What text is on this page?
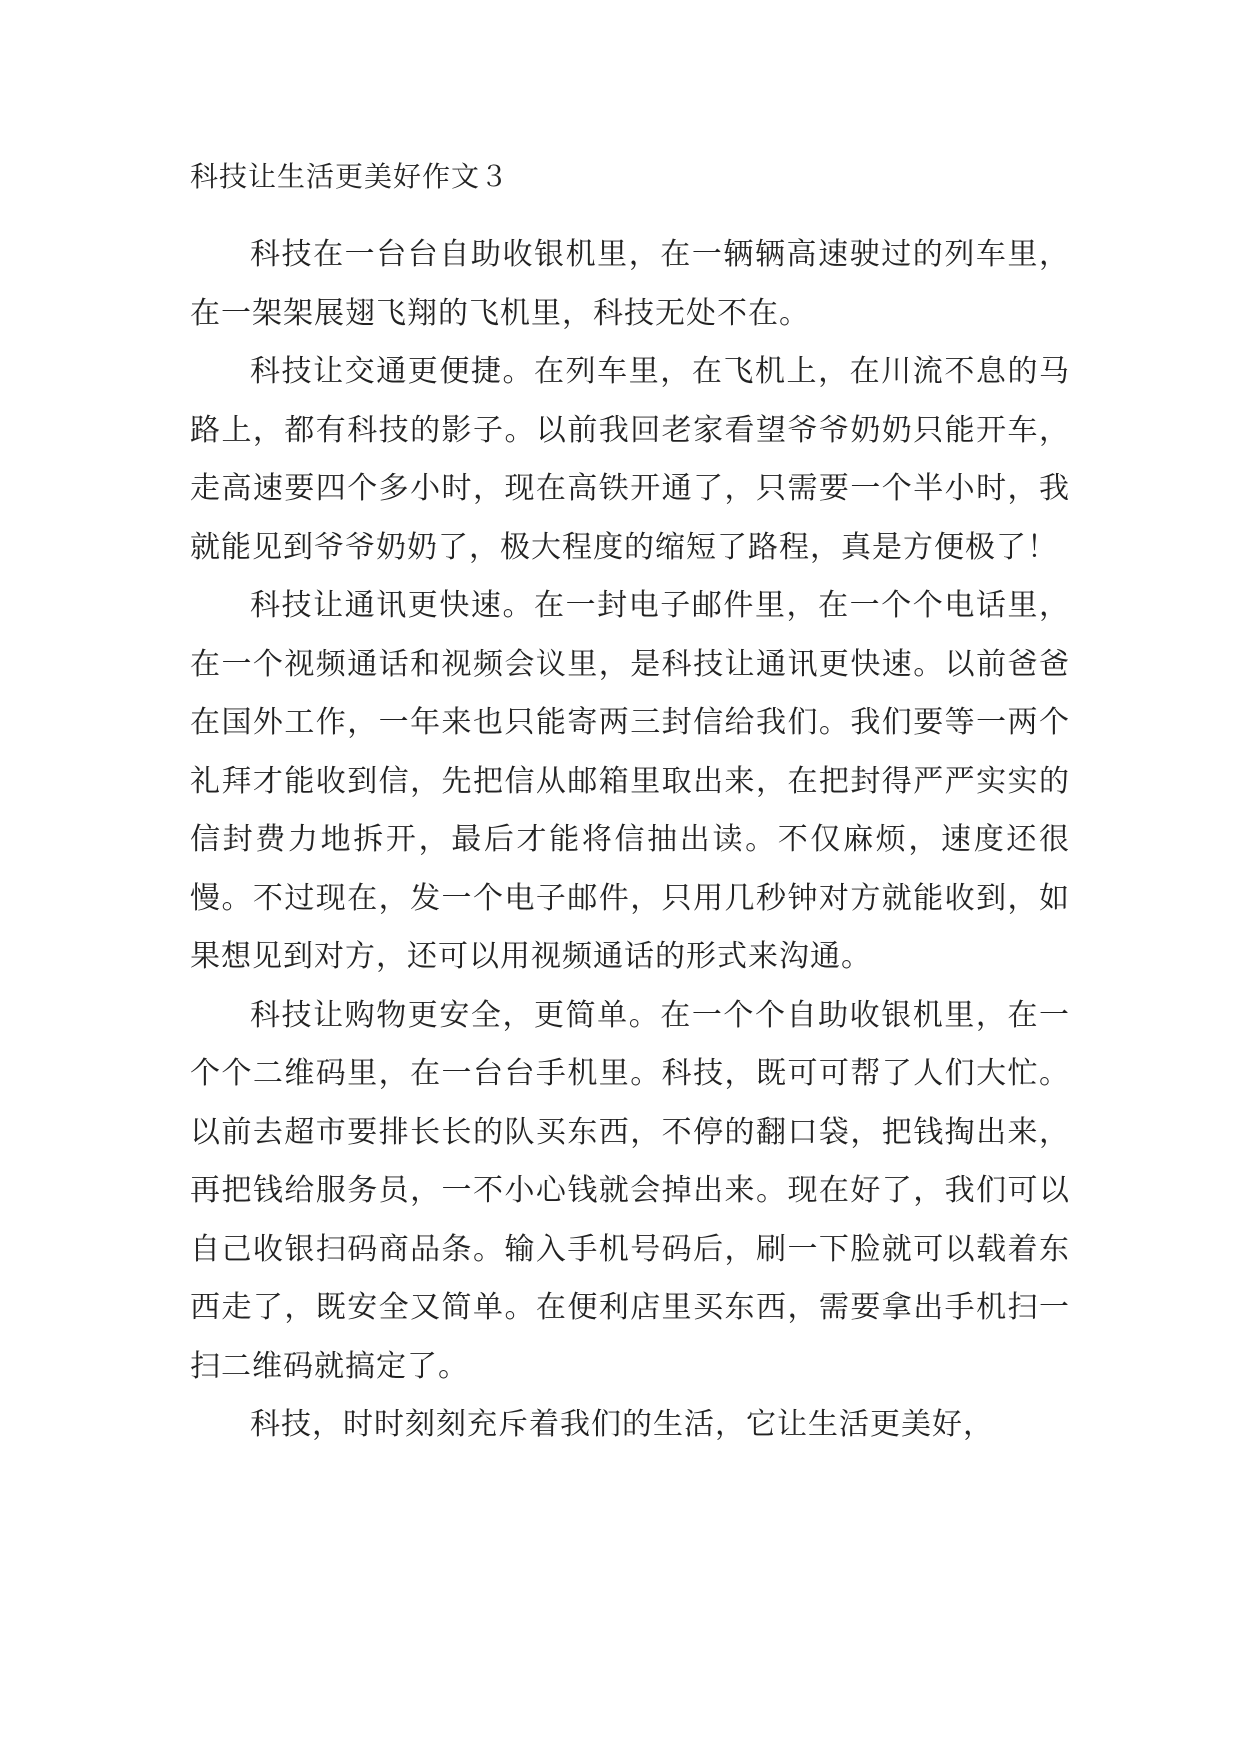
科技让生活更美好作文３

科技在一台台自助收银机里，在一辆辆高速驶过的列车里，在一架架展翅飞翔的飞机里，科技无处不在。

科技让交通更便捷。在列车里，在飞机上，在川流不息的马路上，都有科技的影子。以前我回老家看望爷爷奶奶只能开车，走高速要四个多小时，现在高铁开通了，只需要一个半小时，我就能见到爷爷奶奶了，极大程度的缩短了路程，真是方便极了！

科技让通讯更快速。在一封电子邮件里，在一个个电话里，在一个视频通话和视频会议里，是科技让通讯更快速。以前爸爸在国外工作，一年来也只能寄两三封信给我们。我们要等一两个礼拜才能收到信，先把信从邮箱里取出来，在把封得严严实实的信封费力地拆开，最后才能将信抽出读。不仅麻烦，速度还很慢。不过现在，发一个电子邮件，只用几秒钟对方就能收到，如果想见到对方，还可以用视频通话的形式来沟通。

科技让购物更安全，更简单。在一个个自助收银机里，在一个个二维码里，在一台台手机里。科技，既可可帮了人们大忙。以前去超市要排长长的队买东西，不停的翻口袋，把钱掏出来，再把钱给服务员，一不小心钱就会掉出来。现在好了，我们可以自己收银扫码商品条。输入手机号码后，刷一下脸就可以载着东西走了，既安全又简单。在便利店里买东西，需要拿出手机扫一扫二维码就搞定了。

科技，时时刻刻充斥着我们的生活，它让生活更美好，
